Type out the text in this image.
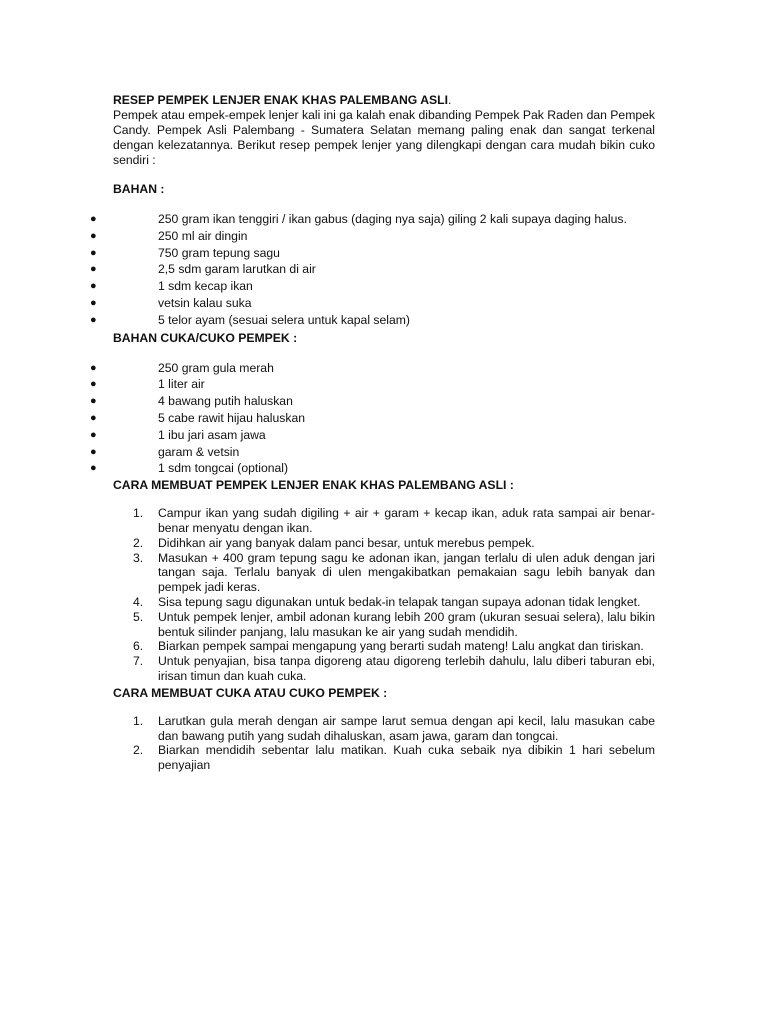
RESEP PEMPEK LENJER ENAK KHAS PALEMBANG ASLI.

Pempek atau empek-empek lenjer kali ini ga kalah enak dibanding Pempek Pak Raden dan Pempek Candy. Pempek Asli Palembang - Sumatera Selatan memang paling enak dan sangat terkenal dengan kelezatannya. Berikut resep pempek lenjer yang dilengkapi dengan cara mudah bikin cuko sendiri :

BAHAN :

●	250 gram ikan tenggiri / ikan gabus (daging nya saja) giling 2 kali supaya daging halus.
●	250 ml air dingin
●	750 gram tepung sagu
●	2,5 sdm garam larutkan di air
●	1 sdm kecap ikan
●	vetsin kalau suka
●	5 telor ayam (sesuai selera untuk kapal selam)

BAHAN CUKA/CUKO PEMPEK :

●	250 gram gula merah
●	1 liter air
●	4 bawang putih haluskan
●	5 cabe rawit hijau haluskan
●	1 ibu jari asam jawa
●	garam & vetsin
●	1 sdm tongcai (optional)

CARA MEMBUAT PEMPEK LENJER ENAK KHAS PALEMBANG ASLI :

1. Campur ikan yang sudah digiling + air + garam + kecap ikan, aduk rata sampai air benar-benar menyatu dengan ikan.
2. Didihkan air yang banyak dalam panci besar, untuk merebus pempek.
3. Masukan + 400 gram tepung sagu ke adonan ikan, jangan terlalu di ulen aduk dengan jari tangan saja. Terlalu banyak di ulen mengakibatkan pemakaian sagu lebih banyak dan pempek jadi keras.
4. Sisa tepung sagu digunakan untuk bedak-in telapak tangan supaya adonan tidak lengket.
5. Untuk pempek lenjer, ambil adonan kurang lebih 200 gram (ukuran sesuai selera), lalu bikin bentuk silinder panjang, lalu masukan ke air yang sudah mendidih.
6. Biarkan pempek sampai mengapung yang berarti sudah mateng! Lalu angkat dan tiriskan.
7. Untuk penyajian, bisa tanpa digoreng atau digoreng terlebih dahulu, lalu diberi taburan ebi, irisan timun dan kuah cuka.

CARA MEMBUAT CUKA ATAU CUKO PEMPEK :

1. Larutkan gula merah dengan air sampe larut semua dengan api kecil, lalu masukan cabe dan bawang putih yang sudah dihaluskan, asam jawa, garam dan tongcai.
2. Biarkan mendidih sebentar lalu matikan. Kuah cuka sebaik nya dibikin 1 hari sebelum penyajian
